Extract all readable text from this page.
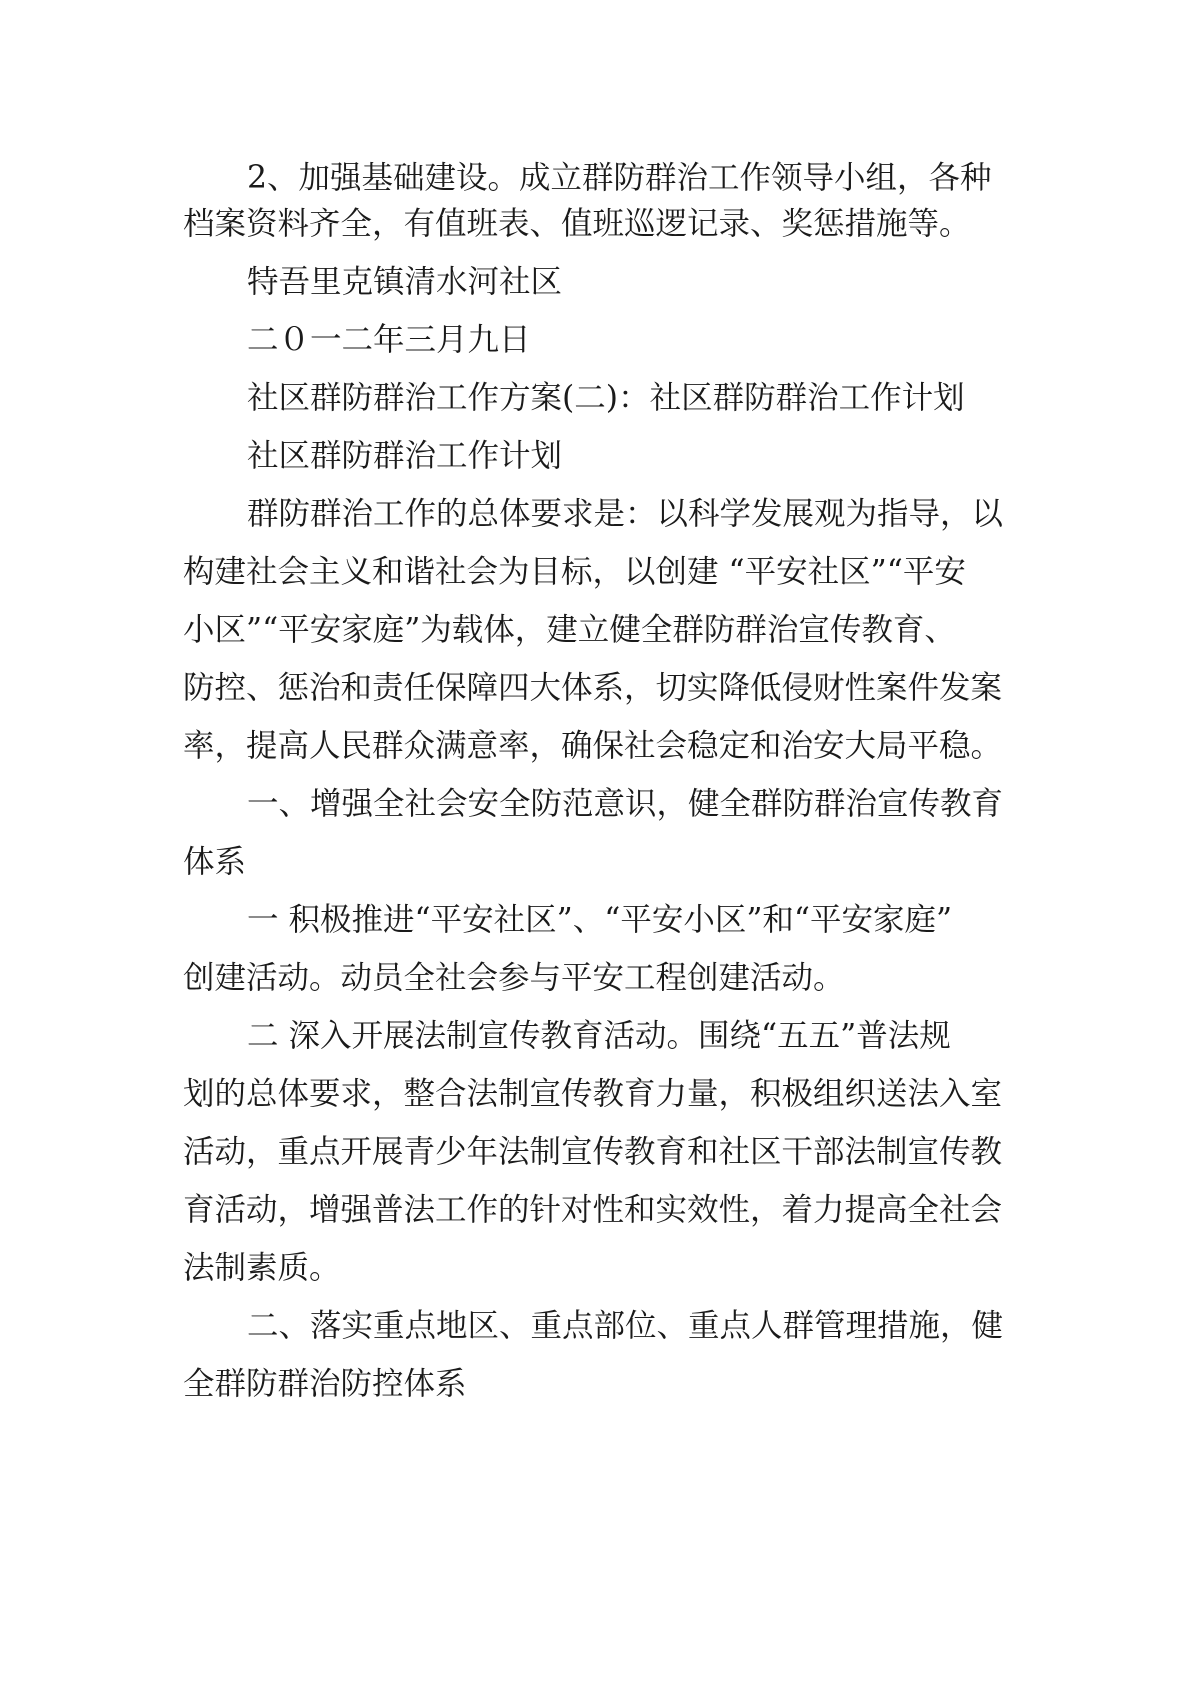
2、加强基础建设。成立群防群治工作领导小组，各种
档案资料齐全，有值班表、值班巡逻记录、奖惩措施等。
特吾里克镇清水河社区
二０一二年三月九日
社区群防群治工作方案(二)：社区群防群治工作计划
社区群防群治工作计划
群防群治工作的总体要求是：以科学发展观为指导，以
构建社会主义和谐社会为目标，以创建 “平安社区”“平安
小区”“平安家庭”为载体，建立健全群防群治宣传教育、
防控、惩治和责任保障四大体系，切实降低侵财性案件发案
率，提高人民群众满意率，确保社会稳定和治安大局平稳。
一、增强全社会安全防范意识，健全群防群治宣传教育
体系
一 积极推进“平安社区”、“平安小区”和“平安家庭”
创建活动。动员全社会参与平安工程创建活动。
二 深入开展法制宣传教育活动。围绕“五五”普法规
划的总体要求，整合法制宣传教育力量，积极组织送法入室
活动，重点开展青少年法制宣传教育和社区干部法制宣传教
育活动，增强普法工作的针对性和实效性，着力提高全社会
法制素质。
二、落实重点地区、重点部位、重点人群管理措施，健
全群防群治防控体系
